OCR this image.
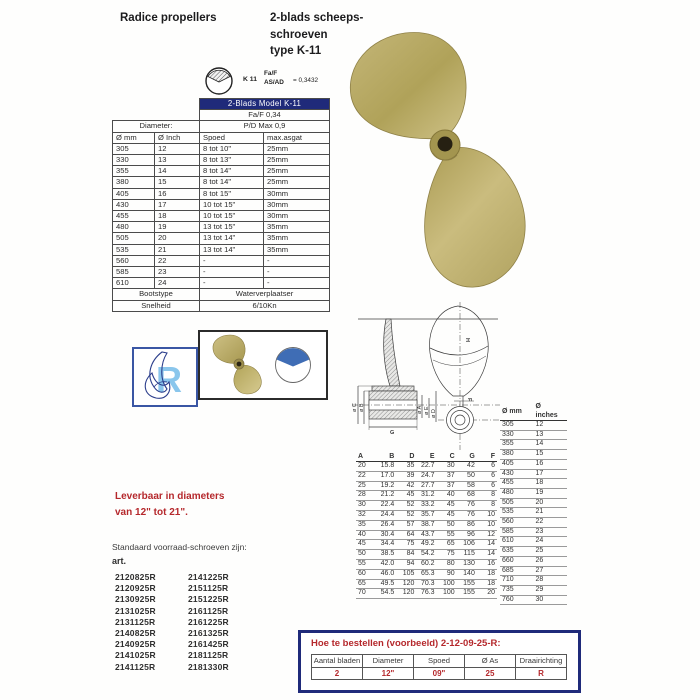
Radice propellers	2-blads scheeps-
schroeven
type K-11
K 11
Fa/F
AS/AD = 0,3432
		2-Blads Model K-11	
		Fa/F 0,34	
Diameter:		P/D Max 0,9	
Ø mm	Ø Inch	Spoed	max.asgat
305	12	8 tot 10"	25mm
330	13	8 tot 13"	25mm
355	14	8 tot 14"	25mm
380	15	8 tot 14"	25mm
405	16	8 tot 15"	30mm
430	17	10 tot 15"	30mm
455	18	10 tot 15"	30mm
480	19	13 tot 15"	35mm
505	20	13 tot 14"	35mm
535	21	13 tot 14"	35mm
560	22	-	-
585	23	-	-
610	24	-	-
Bootstype		Waterverplaatser	
Snelheid		6/10Kn	
R
ø C ø B	ø A ø E ø D
G
H
F
A	B	D	E	C	G	F
20	15.8	35	22.7	30	42	6
22	17.0	39	24.7	37	50	6
25	19.2	42	27.7	37	58	6
28	21.2	45	31.2	40	68	8
30	22.4	52	33.2	45	76	8
32	24.4	52	35.7	45	76	10
35	26.4	57	38.7	50	86	10
40	30.4	64	43.7	55	96	12
45	34.4	75	49.2	65	106	14
50	38.5	84	54.2	75	115	14
55	42.0	94	60.2	80	130	16
60	46.0	105	65.3	90	140	18
65	49.5	120	70.3	100	155	18
70	54.5	120	76.3	100	155	20
Ø mm	Ø inches
305	12
330	13
355	14
380	15
405	16
430	17
455	18
480	19
505	20
535	21
560	22
585	23
610	24
635	25
660	26
685	27
710	28
735	29
760	30
Leverbaar in diameters
van 12" tot 21".
Standaard voorraad-schroeven zijn:
art.
2120825R
2120925R
2130925R
2131025R
2131125R
2140825R
2140925R
2141025R
2141125R
2141225R
2151125R
2151225R
2161125R
2161225R
2161325R
2161425R
2181125R
2181330R
Hoe te bestellen (voorbeeld) 2-12-09-25-R:
Aantal bladen	Diameter	Spoed	Ø As	Draairichting
2	12"	09"	25	R
